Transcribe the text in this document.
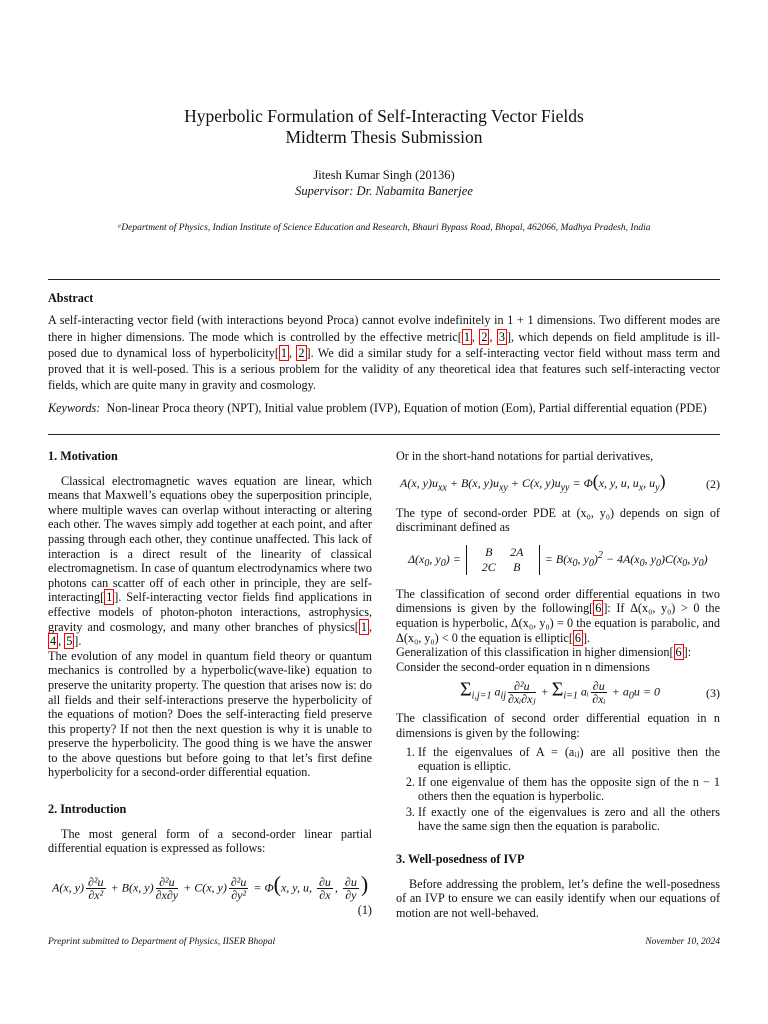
Hyperbolic Formulation of Self-Interacting Vector Fields
Midterm Thesis Submission
Jitesh Kumar Singh (20136)
Supervisor: Dr. Nabamita Banerjee
ᵃDepartment of Physics, Indian Institute of Science Education and Research, Bhauri Bypass Road, Bhopal, 462066, Madhya Pradesh, India
Abstract

A self-interacting vector field (with interactions beyond Proca) cannot evolve indefinitely in 1 + 1 dimensions. Two different modes are there in higher dimensions. The mode which is controlled by the effective metric[ 1 , 2 , 3 ], which depends on field amplitude is ill-posed due to dynamical loss of hyperbolicity[ 1 , 2 ]. We did a similar study for a self-interacting vector field without mass term and proved that it is well-posed. This is a serious problem for the validity of any theoretical idea that features such self-interacting vector fields, which are quite many in gravity and cosmology.

Keywords: Non-linear Proca theory (NPT), Initial value problem (IVP), Equation of motion (Eom), Partial differential equation (PDE)

1. Motivation

Classical electromagnetic waves equation are linear, which means that Maxwell’s equations obey the superposition principle, where multiple waves can overlap without interacting or altering each other. The waves simply add together at each point, and after passing through each other, they continue unaffected. This lack of interaction is a direct result of the linearity of classical electromagnetism. In case of quantum electrodynamics where two photons can scatter off of each other in principle, they are self-interacting[ 1 ]. Self-interacting vector fields find applications in effective models of photon-photon interactions, astrophysics, gravity and cosmology, and many other branches of physics[ 1 , 4 , 5 ].

The evolution of any model in quantum field theory or quantum mechanics is controlled by a hyperbolic(wave-like) equation to preserve the unitarity property. The question that arises now is: do all fields and their self-interactions preserve the hyperbolicity of the equations of motion? Does the self-interacting field preserve this property? If not then the next question is why it is unable to preserve the hyperbolicity. The good thing is we have the answer to the above questions but before going to that let’s first define hyperbolicity for a second-order differential equation.

2. Introduction

The most general form of a second-order linear partial differential equation is expressed as follows:

A(x, $y) \frac{\text{∂²u}}{\text{∂x²}} + B(x$, $y) \frac{\text{∂²u}}{\partial x\partial y} + C(x$, $y) \frac{\text{∂²u}}{\text{∂y²}} = \Phi(x$, y, u, $\frac{\partial u}{\partial x}$ , $\frac{\partial u}{\partial y}$ )
(1)

Or in the short-hand notations for partial derivatives,

A(x, $y)u_{xx} + B(x$, $y)u_{xy} + C(x$, $y)u_{yy} = \Phi(x$, y, u, $u_x$, $u_y$)	(2)

The type of second-order PDE at (x₀, y₀) depends on sign of discriminant defined as

$\Delta(x_0$, $y_0) = B$ 2A
2C $B= B(x_0$, $y_0)^2 - 4A(x_0$, $y_0)C(x_0$, $y_0$)

The classification of second order differential equations in two dimensions is given by the following[ 6 ]: If Δ(x₀, y₀) > 0 the equation is hyperbolic, Δ(x₀, y₀) = 0 the equation is parabolic, and Δ(x₀, y₀) < 0 the equation is elliptic[ 6 ].

Generalization of this classification in higher dimension[ 6 ]:

Consider the second-order equation in n dimensions

$\Sigma_{i,j=1}$ $a_{ij} \frac{\text{∂²u}}{\text{∂xᵢ∂xⱼ}} + \Sigma_{i=1}$ aᵢ $\frac{\partial u}{\text{∂xᵢ}} + a_0u = 0$	(3)

The classification of second order differential equation in n dimensions is given by the following:

1. If the eigenvalues of A = (aᵢⱼ) are all positive then the equation is elliptic.
2. If one eigenvalue of them has the opposite sign of the n − 1 others then the equation is hyperbolic.
3. If exactly one of the eigenvalues is zero and all the others have the same sign then the equation is parabolic.
3. Well-posedness of IVP

Before addressing the problem, let’s define the well-posedness of an IVP to ensure we can easily identify when our equations of motion are not well-behaved.

Preprint submitted to Department of Physics, IISER Bhopal	November 10, 2024
